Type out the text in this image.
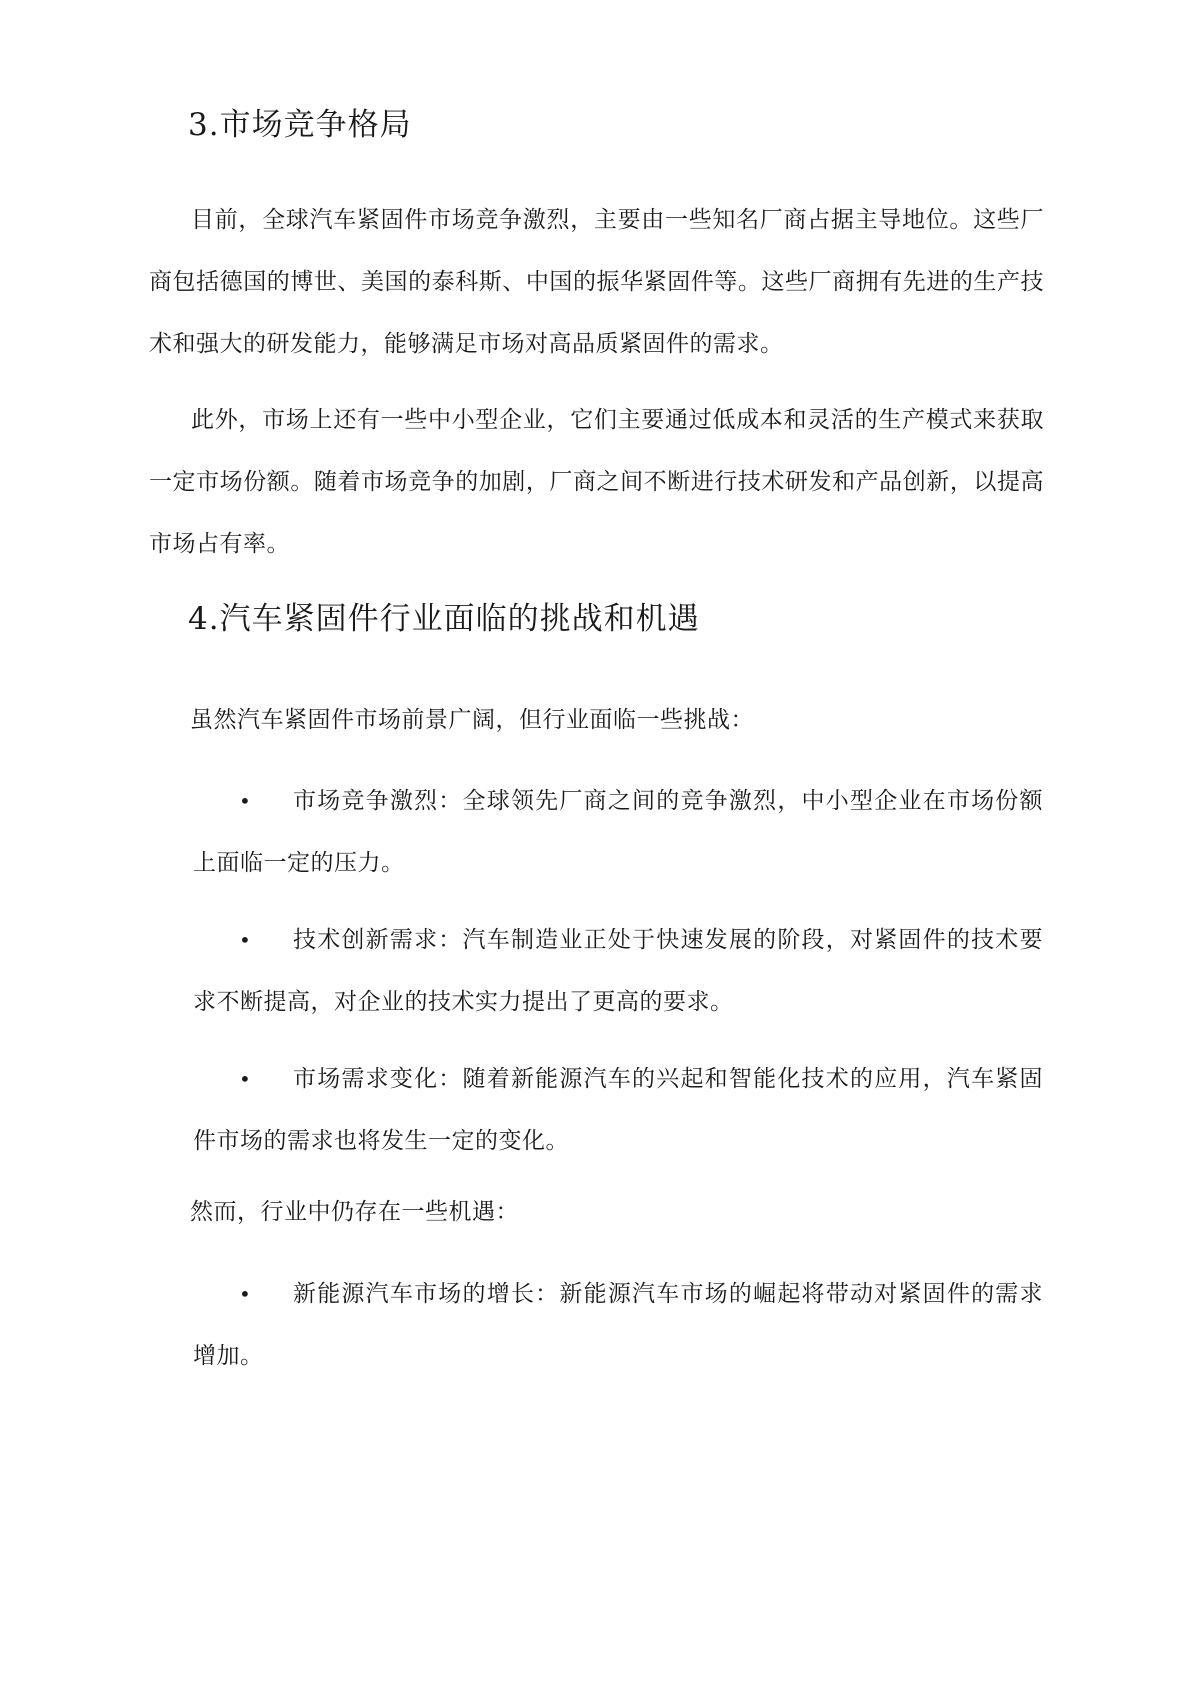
3.市场竞争格局

目前，全球汽车紧固件市场竞争激烈，主要由一些知名厂商占据主导地位。这些厂商包括德国的博世、美国的泰科斯、中国的振华紧固件等。这些厂商拥有先进的生产技术和强大的研发能力，能够满足市场对高品质紧固件的需求。

此外，市场上还有一些中小型企业，它们主要通过低成本和灵活的生产模式来获取一定市场份额。随着市场竞争的加剧，厂商之间不断进行技术研发和产品创新，以提高市场占有率。

4.汽车紧固件行业面临的挑战和机遇

虽然汽车紧固件市场前景广阔，但行业面临一些挑战：

•	市场竞争激烈：全球领先厂商之间的竞争激烈，中小型企业在市场份额上面临一定的压力。
•	技术创新需求：汽车制造业正处于快速发展的阶段，对紧固件的技术要求不断提高，对企业的技术实力提出了更高的要求。
•	市场需求变化：随着新能源汽车的兴起和智能化技术的应用，汽车紧固件市场的需求也将发生一定的变化。

然而，行业中仍存在一些机遇：

•	新能源汽车市场的增长：新能源汽车市场的崛起将带动对紧固件的需求增加。
